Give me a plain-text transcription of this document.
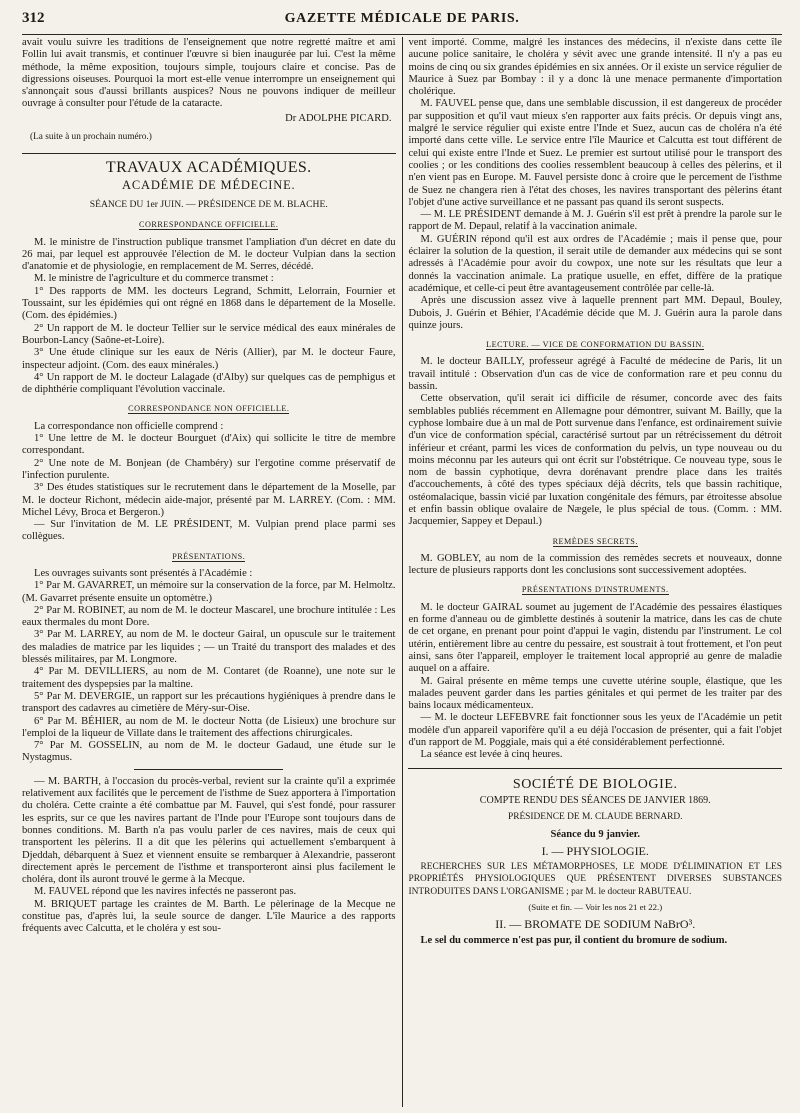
312	GAZETTE MÉDICALE DE PARIS.

avait voulu suivre les traditions de l'enseignement que notre regretté maître et ami Follin lui avait transmis, et continuer l'œuvre si bien inaugurée par lui. C'est la même méthode, la même exposition, toujours simple, toujours claire et concise. Pas de digressions oiseuses. Pourquoi la mort est-elle venue interrompre un enseignement qui s'annonçait sous d'aussi brillants auspices? Nous ne pouvons indiquer de meilleur ouvrage à consulter pour l'étude de la cataracte.

Dr ADOLPHE PICARD.
(La suite à un prochain numéro.)
TRAVAUX ACADÉMIQUES.
ACADÉMIE DE MÉDECINE.
SÉANCE DU 1er JUIN. — PRÉSIDENCE DE M. BLACHE.
CORRESPONDANCE OFFICIELLE.

M. le ministre de l'instruction publique transmet l'ampliation d'un décret en date du 26 mai, par lequel est approuvée l'élection de M. le docteur Vulpian dans la section d'anatomie et de physiologie, en remplacement de M. Serres, décédé.

M. le ministre de l'agriculture et du commerce transmet :

1° Des rapports de MM. les docteurs Legrand, Schmitt, Lelorrain, Fournier et Toussaint, sur les épidémies qui ont régné en 1868 dans le département de la Moselle. (Com. des épidémies.)

2° Un rapport de M. le docteur Tellier sur le service médical des eaux minérales de Bourbon-Lancy (Saône-et-Loire).

3° Une étude clinique sur les eaux de Néris (Allier), par M. le docteur Faure, inspecteur adjoint. (Com. des eaux minérales.)

4° Un rapport de M. le docteur Lalagade (d'Alby) sur quelques cas de pemphigus et de diphthérie compliquant l'évolution vaccinale.

CORRESPONDANCE NON OFFICIELLE.

La correspondance non officielle comprend :

1° Une lettre de M. le docteur Bourguet (d'Aix) qui sollicite le titre de membre correspondant.

2° Une note de M. Bonjean (de Chambéry) sur l'ergotine comme préservatif de l'infection purulente.

3° Des études statistiques sur le recrutement dans le département de la Moselle, par M. le docteur Richont, médecin aide-major, présenté par M. LARREY. (Com. : MM. Michel Lévy, Broca et Bergeron.)

— Sur l'invitation de M. LE PRÉSIDENT, M. Vulpian prend place parmi ses collègues.

PRÉSENTATIONS.

Les ouvrages suivants sont présentés à l'Académie :

1° Par M. GAVARRET, un mémoire sur la conservation de la force, par M. Helmoltz. (M. Gavarret présente ensuite un optomètre.)

2° Par M. ROBINET, au nom de M. le docteur Mascarel, une brochure intitulée : Les eaux thermales du mont Dore.

3° Par M. LARREY, au nom de M. le docteur Gairal, un opuscule sur le traitement des maladies de matrice par les liquides ; — un Traité du transport des malades et des blessés militaires, par M. Longmore.

4° Par M. DEVILLIERS, au nom de M. Contaret (de Roanne), une note sur le traitement des dyspepsies par la maltine.

5° Par M. DEVERGIE, un rapport sur les précautions hygiéniques à prendre dans le transport des cadavres au cimetière de Méry-sur-Oise.

6° Par M. BÉHIER, au nom de M. le docteur Notta (de Lisieux) une brochure sur l'emploi de la liqueur de Villate dans le traitement des affections chirurgicales.

7° Par M. GOSSELIN, au nom de M. le docteur Gadaud, une étude sur le Nystagmus.

— M. BARTH, à l'occasion du procès-verbal, revient sur la crainte qu'il a exprimée relativement aux facilités que le percement de l'isthme de Suez apportera à l'importation du choléra. Cette crainte a été combattue par M. Fauvel, qui s'est fondé, pour rassurer les esprits, sur ce que les navires partant de l'Inde pour l'Europe sont toujours dans de bonnes conditions. M. Barth n'a pas voulu parler de ces navires, mais de ceux qui transportent les pèlerins. Il a dit que les pèlerins qui actuellement s'embarquent à Djeddah, débarquent à Suez et viennent ensuite se rembarquer à Alexandrie, passeront directement après le percement de l'isthme et transporteront ainsi plus facilement le choléra, dont ils auront trouvé le germe à la Mecque.

M. FAUVEL répond que les navires infectés ne passeront pas.

M. BRIQUET partage les craintes de M. Barth. Le pèlerinage de la Mecque ne constitue pas, d'après lui, la seule source de danger. L'île Maurice a des rapports fréquents avec Calcutta, et le choléra y est sou-

vent importé. Comme, malgré les instances des médecins, il n'existe dans cette île aucune police sanitaire, le choléra y sévit avec une grande intensité. Il n'y a pas eu moins de cinq ou six grandes épidémies en six années. Or il existe un service régulier de Maurice à Suez par Bombay : il y a donc là une menace permanente d'importation cholérique.

M. FAUVEL pense que, dans une semblable discussion, il est dangereux de procéder par supposition et qu'il vaut mieux s'en rapporter aux faits précis. Or depuis vingt ans, malgré le service régulier qui existe entre l'Inde et Suez, aucun cas de choléra n'a été importé dans cette ville. Le service entre l'île Maurice et Calcutta est tout différent de celui qui existe entre l'Inde et Suez. Le premier est surtout utilisé pour le transport des coolies ; or les conditions des coolies ressemblent beaucoup à celles des pèlerins, et il n'en vient pas en Europe. M. Fauvel persiste donc à croire que le percement de l'isthme de Suez ne changera rien à l'état des choses, les navires transportant des pèlerins étant l'objet d'une active surveillance et ne passant pas quand ils seront suspects.

— M. LE PRÉSIDENT demande à M. J. Guérin s'il est prêt à prendre la parole sur le rapport de M. Depaul, relatif à la vaccination animale.

M. GUÉRIN répond qu'il est aux ordres de l'Académie ; mais il pense que, pour éclairer la solution de la question, il serait utile de demander aux médecins qui se sont adressés à l'Académie pour avoir du cowpox, une note sur les résultats que leur a donnés la vaccination animale. La pratique usuelle, en effet, diffère de la pratique académique, et celle-ci peut être avantageusement contrôlée par celle-là.

Après une discussion assez vive à laquelle prennent part MM. Depaul, Bouley, Dubois, J. Guérin et Béhier, l'Académie décide que M. J. Guérin aura la parole dans quinze jours.

LECTURE. — VICE DE CONFORMATION DU BASSIN.

M. le docteur BAILLY, professeur agrégé à Faculté de médecine de Paris, lit un travail intitulé : Observation d'un cas de vice de conformation rare et peu connu du bassin.

Cette observation, qu'il serait ici difficile de résumer, concorde avec des faits semblables publiés récemment en Allemagne pour démontrer, suivant M. Bailly, que la cyphose lombaire due à un mal de Pott survenue dans l'enfance, est ordinairement suivie d'un vice de conformation spécial, caractérisé surtout par un rétrécissement du détroit inférieur et créant, parmi les vices de conformation du pelvis, un type nouveau ou du moins méconnu par les auteurs qui ont écrit sur l'obstétrique. Ce nouveau type, sous le nom de bassin cyphotique, devra dorénavant prendre place dans les traités d'accouchements, à côté des types spéciaux déjà décrits, tels que bassin rachitique, ostéomalacique, bassin vicié par luxation congénitale des fémurs, par étroitesse absolue et enfin bassin oblique ovalaire de Nægele, le plus spécial de tous. (Comm. : MM. Jacquemier, Sappey et Depaul.)

REMÈDES SECRETS.

M. GOBLEY, au nom de la commission des remèdes secrets et nouveaux, donne lecture de plusieurs rapports dont les conclusions sont successivement adoptées.

PRÉSENTATIONS D'INSTRUMENTS.

M. le docteur GAIRAL soumet au jugement de l'Académie des pessaires élastiques en forme d'anneau ou de gimblette destinés à soutenir la matrice, dans les cas de chute de cet organe, en prenant pour point d'appui le vagin, distendu par l'instrument. Le col utérin, entièrement libre au centre du pessaire, est soustrait à tout frottement, et l'on peut ainsi, sans ôter l'appareil, employer le traitement local approprié au genre de maladie auquel on a affaire.

M. Gairal présente en même temps une cuvette utérine souple, élastique, que les malades peuvent garder dans les parties génitales et qui permet de les traiter par des bains locaux médicamenteux.

— M. le docteur LEFEBVRE fait fonctionner sous les yeux de l'Académie un petit modèle d'un appareil vaporifère qu'il a eu déjà l'occasion de présenter, qui a fait l'objet d'un rapport de M. Poggiale, mais qui a été considérablement perfectionné.

La séance est levée à cinq heures.

SOCIÉTÉ DE BIOLOGIE.
COMPTE RENDU DES SÉANCES DE JANVIER 1869.
PRÉSIDENCE DE M. CLAUDE BERNARD.
Séance du 9 janvier.
I. — PHYSIOLOGIE.

RECHERCHES SUR LES MÉTAMORPHOSES, LE MODE D'ÉLIMINATION ET LES PROPRIÉTÉS PHYSIOLOGIQUES QUE PRÉSENTENT DIVERSES SUBSTANCES INTRODUITES DANS L'ORGANISME ; par M. le docteur RABUTEAU.

(Suite et fin. — Voir les nos 21 et 22.)
II. — BROMATE DE SODIUM NaBrO³.

Le sel du commerce n'est pas pur, il contient du bromure de sodium.
